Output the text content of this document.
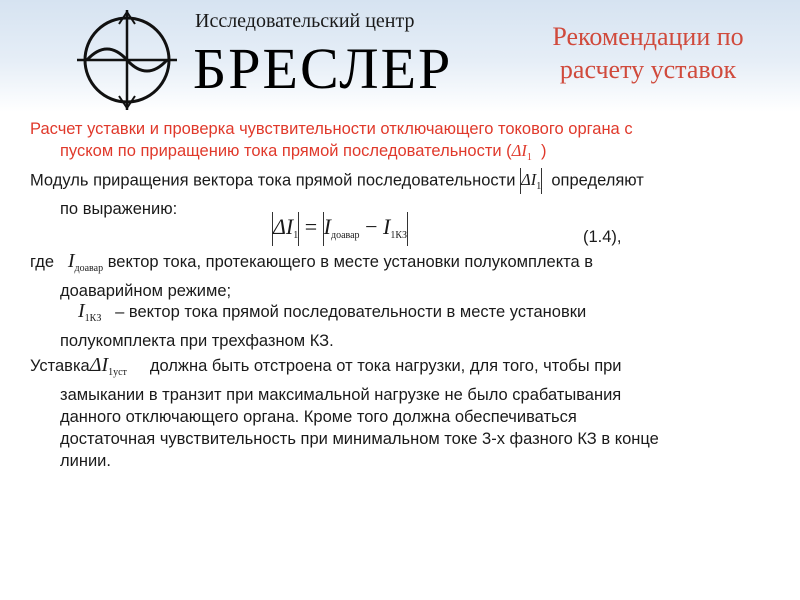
Исследовательский центр
БРЕСЛЕР	Рекомендации по расчету уставок
Расчет уставки и проверка чувствительности отключающего токового органа с
пуском по приращению тока прямой последовательности ($\Delta I_1$ )
Модуль приращения вектора тока прямой последовательности $\Delta I_1$ определяют
по выражению:
$\Delta I_1 = I_{доавар} - I_{1КЗ}$	(1.4),
где $I_{доавар}$ вектор тока, протекающего в месте установки полукомплекта в
доаварийном режиме;
$I_{1КЗ}$ – вектор тока прямой последовательности в месте установки
полукомплекта при трехфазном КЗ.
УставкаΔI$_{1уст}$ должна быть отстроена от тока нагрузки, для того, чтобы при
замыкании в транзит при максимальной нагрузке не было срабатывания
данного отключающего органа. Кроме того должна обеспечиваться
достаточная чувствительность при минимальном токе 3-х фазного КЗ в конце
линии.
